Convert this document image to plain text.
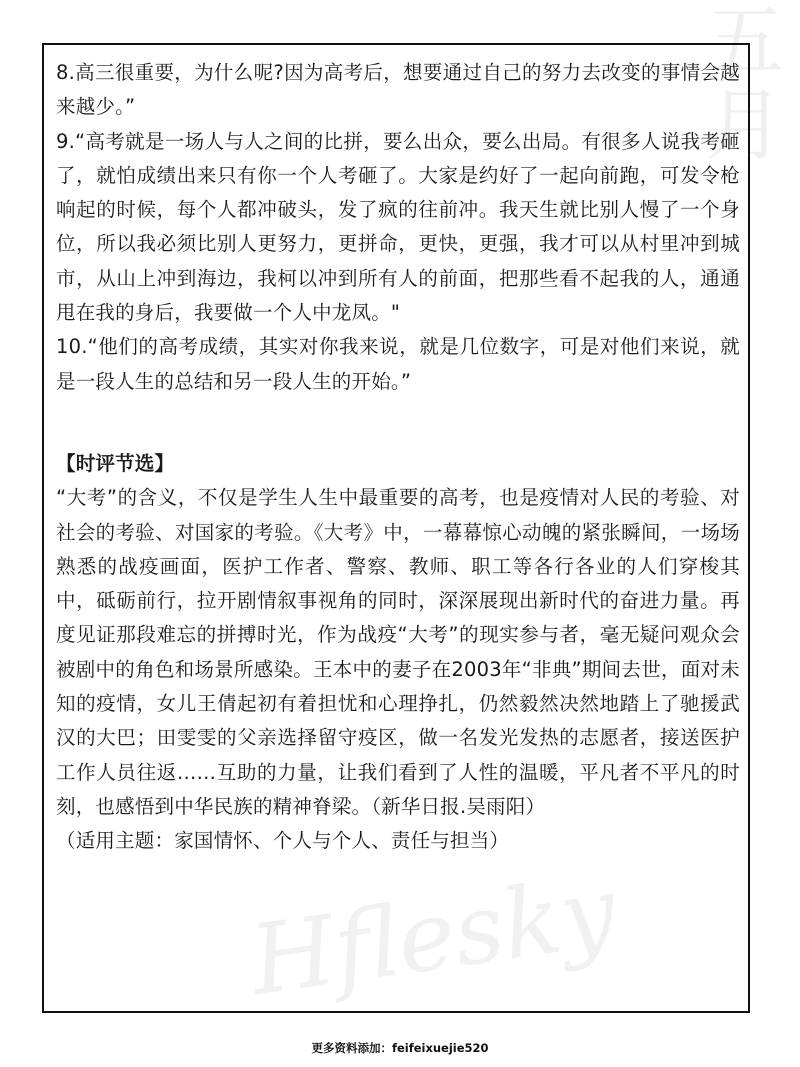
五月
Hflesky

8.高三很重要，为什么呢?因为高考后，想要通过自己的努力去改变的事情会越来越少。”

9.“高考就是一场人与人之间的比拼，要么出众，要么出局。有很多人说我考砸了，就怕成绩出来只有你一个人考砸了。大家是约好了一起向前跑，可发令枪响起的时候，每个人都冲破头，发了疯的往前冲。我天生就比别人慢了一个身位，所以我必须比别人更努力，更拼命，更快，更强，我才可以从村里冲到城市，从山上冲到海边，我柯以冲到所有人的前面，把那些看不起我的人，通通甩在我的身后，我要做一个人中龙凤。"

10.“他们的高考成绩，其实对你我来说，就是几位数字，可是对他们来说，就是一段人生的总结和另一段人生的开始。”

【时评节选】

“大考”的含义，不仅是学生人生中最重要的高考，也是疫情对人民的考验、对社会的考验、对国家的考验。《大考》中，一幕幕惊心动魄的紧张瞬间，一场场熟悉的战疫画面，医护工作者、警察、教师、职工等各行各业的人们穿梭其中，砥砺前行，拉开剧情叙事视角的同时，深深展现出新时代的奋进力量。再度见证那段难忘的拼搏时光，作为战疫“大考”的现实参与者，毫无疑问观众会被剧中的角色和场景所感染。王本中的妻子在2003年“非典”期间去世，面对未知的疫情，女儿王倩起初有着担忧和心理挣扎，仍然毅然决然地踏上了驰援武汉的大巴；田雯雯的父亲选择留守疫区，做一名发光发热的志愿者，接送医护工作人员往返……互助的力量，让我们看到了人性的温暖，平凡者不平凡的时刻，也感悟到中华民族的精神脊梁。（新华日报.吴雨阳）

（适用主题：家国情怀、个人与个人、责任与担当）

更多资料添加：feifeixuejie520
